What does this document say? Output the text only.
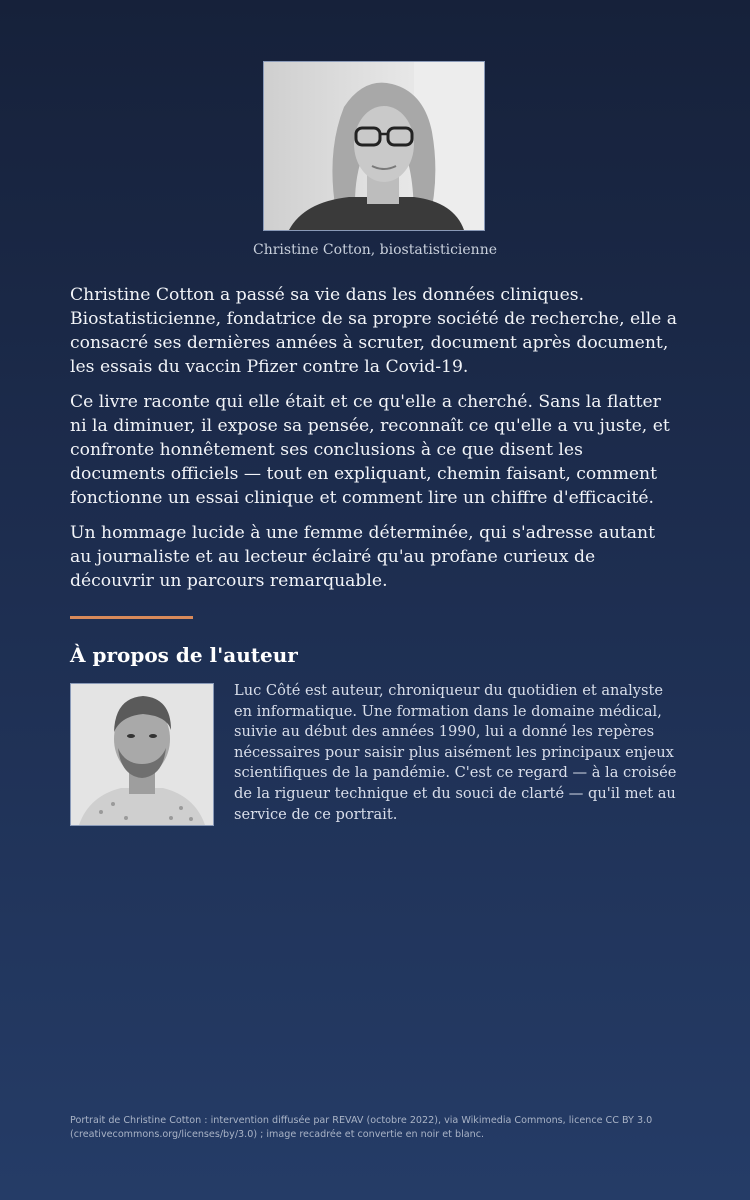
Christine Cotton, biostatisticienne

Christine Cotton a passé sa vie dans les données cliniques. Biostatisticienne, fondatrice de sa propre société de recherche, elle a consacré ses dernières années à scruter, document après document, les essais du vaccin Pfizer contre la Covid-19.

Ce livre raconte qui elle était et ce qu'elle a cherché. Sans la flatter ni la diminuer, il expose sa pensée, reconnaît ce qu'elle a vu juste, et confronte honnêtement ses conclusions à ce que disent les documents officiels — tout en expliquant, chemin faisant, comment fonctionne un essai clinique et comment lire un chiffre d'efficacité.

Un hommage lucide à une femme déterminée, qui s'adresse autant au journaliste et au lecteur éclairé qu'au profane curieux de découvrir un parcours remarquable.

À propos de l'auteur
Luc Côté est auteur, chroniqueur du quotidien et analyste en informatique. Une formation dans le domaine médical, suivie au début des années 1990, lui a donné les repères nécessaires pour saisir plus aisément les principaux enjeux scientifiques de la pandémie. C'est ce regard — à la croisée de la rigueur technique et du souci de clarté — qu'il met au service de ce portrait.
Portrait de Christine Cotton : intervention diffusée par REVAV (octobre 2022), via Wikimedia Commons, licence CC BY 3.0 (creativecommons.org/licenses/by/3.0) ; image recadrée et convertie en noir et blanc.
